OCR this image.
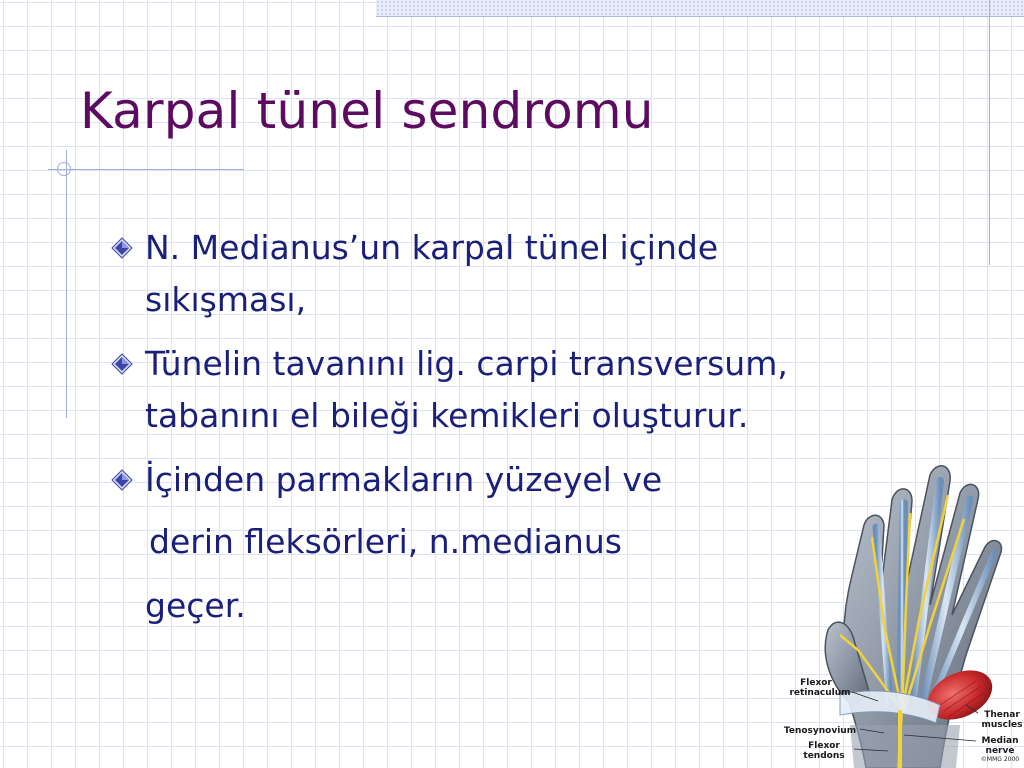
Karpal tünel sendromu
N. Medianus’un karpal tünel içinde
sıkışması,
Tünelin tavanını lig. carpi transversum,
tabanını el bileği kemikleri oluşturur.
İçinden parmakların yüzeyel ve
derin fleksörleri, n.medianus
geçer.
Flexor
retinaculum
Tenosynovium
Flexor
tendons
Thenar
muscles
Median
nerve
©MMG 2000
